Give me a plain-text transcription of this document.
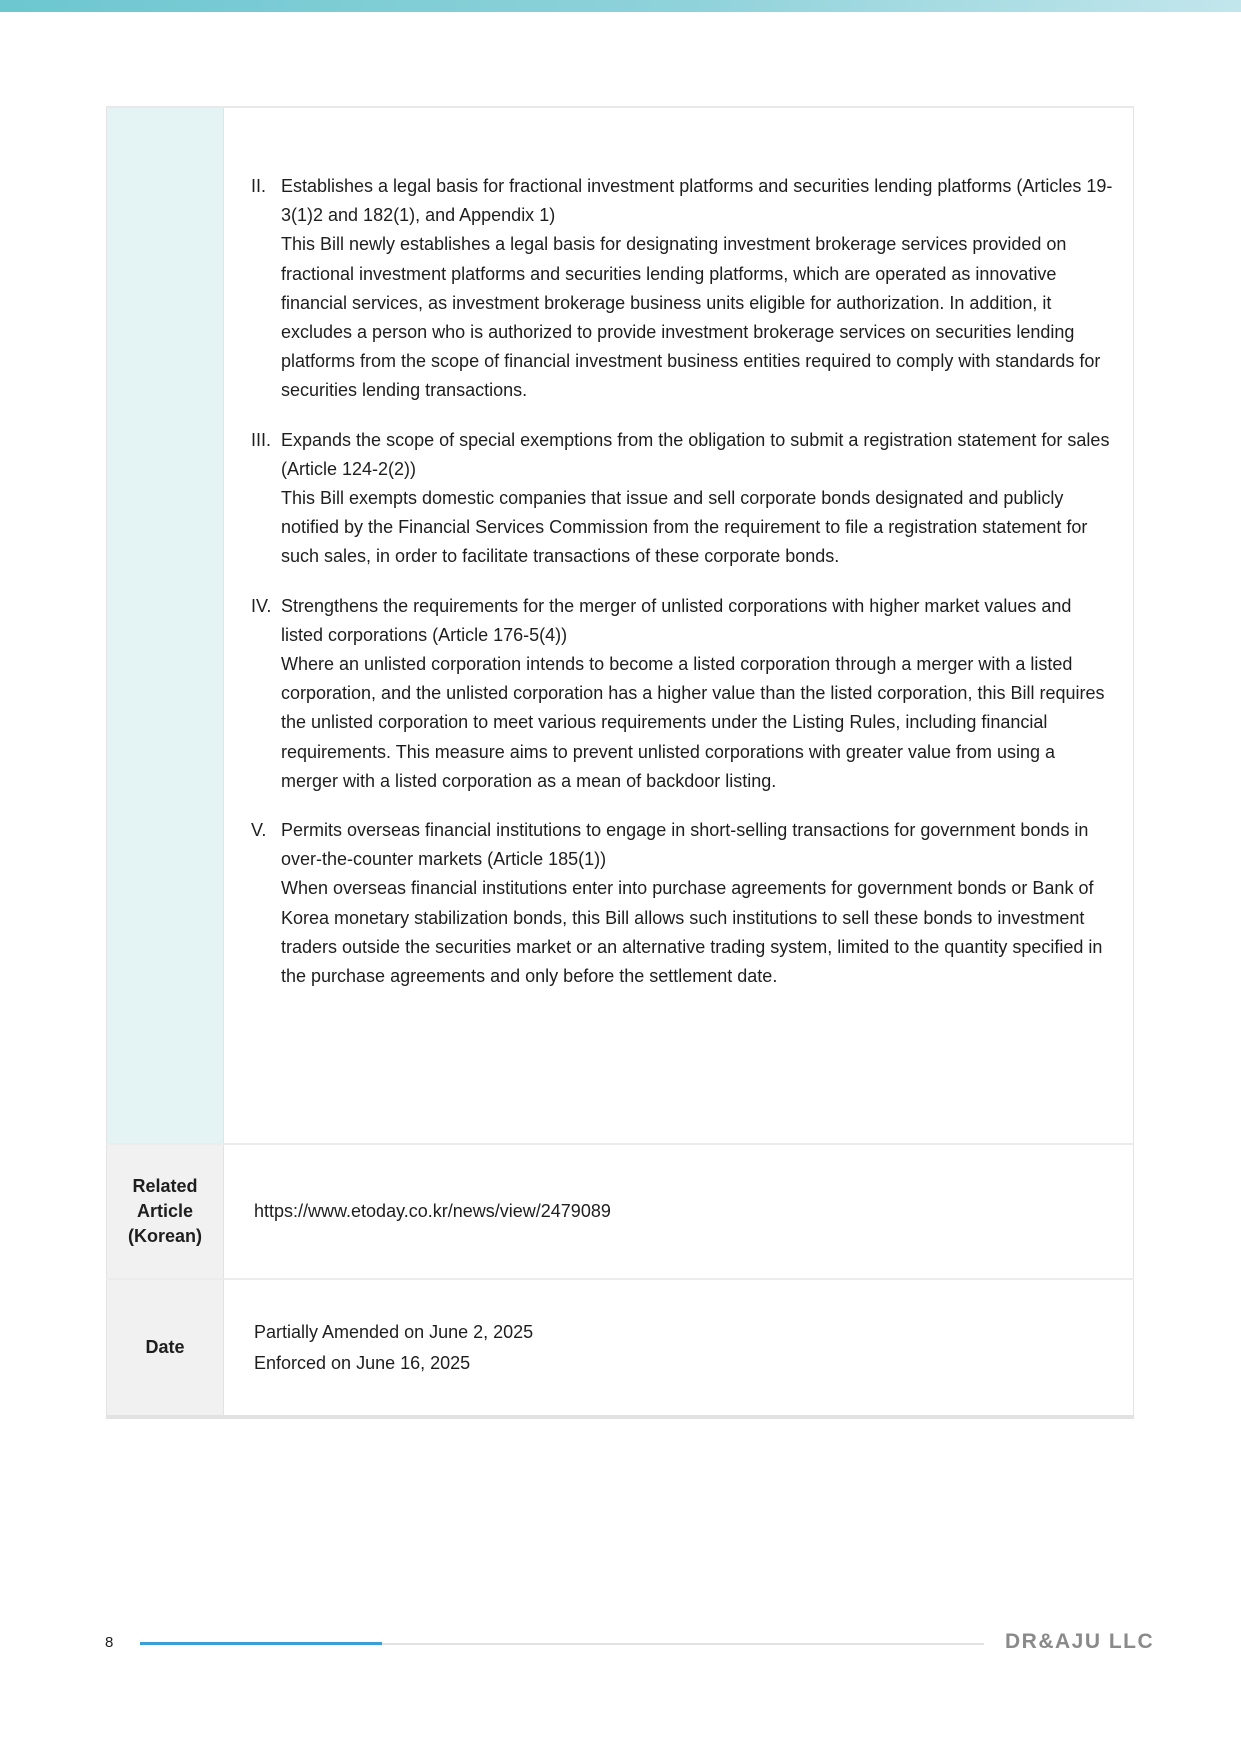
II. Establishes a legal basis for fractional investment platforms and securities lending platforms (Articles 19-3(1)2 and 182(1), and Appendix 1)
This Bill newly establishes a legal basis for designating investment brokerage services provided on fractional investment platforms and securities lending platforms, which are operated as innovative financial services, as investment brokerage business units eligible for authorization. In addition, it excludes a person who is authorized to provide investment brokerage services on securities lending platforms from the scope of financial investment business entities required to comply with standards for securities lending transactions.
III. Expands the scope of special exemptions from the obligation to submit a registration statement for sales (Article 124-2(2))
This Bill exempts domestic companies that issue and sell corporate bonds designated and publicly notified by the Financial Services Commission from the requirement to file a registration statement for such sales, in order to facilitate transactions of these corporate bonds.
IV. Strengthens the requirements for the merger of unlisted corporations with higher market values and listed corporations (Article 176-5(4))
Where an unlisted corporation intends to become a listed corporation through a merger with a listed corporation, and the unlisted corporation has a higher value than the listed corporation, this Bill requires the unlisted corporation to meet various requirements under the Listing Rules, including financial requirements. This measure aims to prevent unlisted corporations with greater value from using a merger with a listed corporation as a mean of backdoor listing.
V. Permits overseas financial institutions to engage in short-selling transactions for government bonds in over-the-counter markets (Article 185(1))
When overseas financial institutions enter into purchase agreements for government bonds or Bank of Korea monetary stabilization bonds, this Bill allows such institutions to sell these bonds to investment traders outside the securities market or an alternative trading system, limited to the quantity specified in the purchase agreements and only before the settlement date.
Related
Article
(Korean)
https://www.etoday.co.kr/news/view/2479089
Date
Partially Amended on June 2, 2025
Enforced on June 16, 2025
8	DR&AJU LLC
